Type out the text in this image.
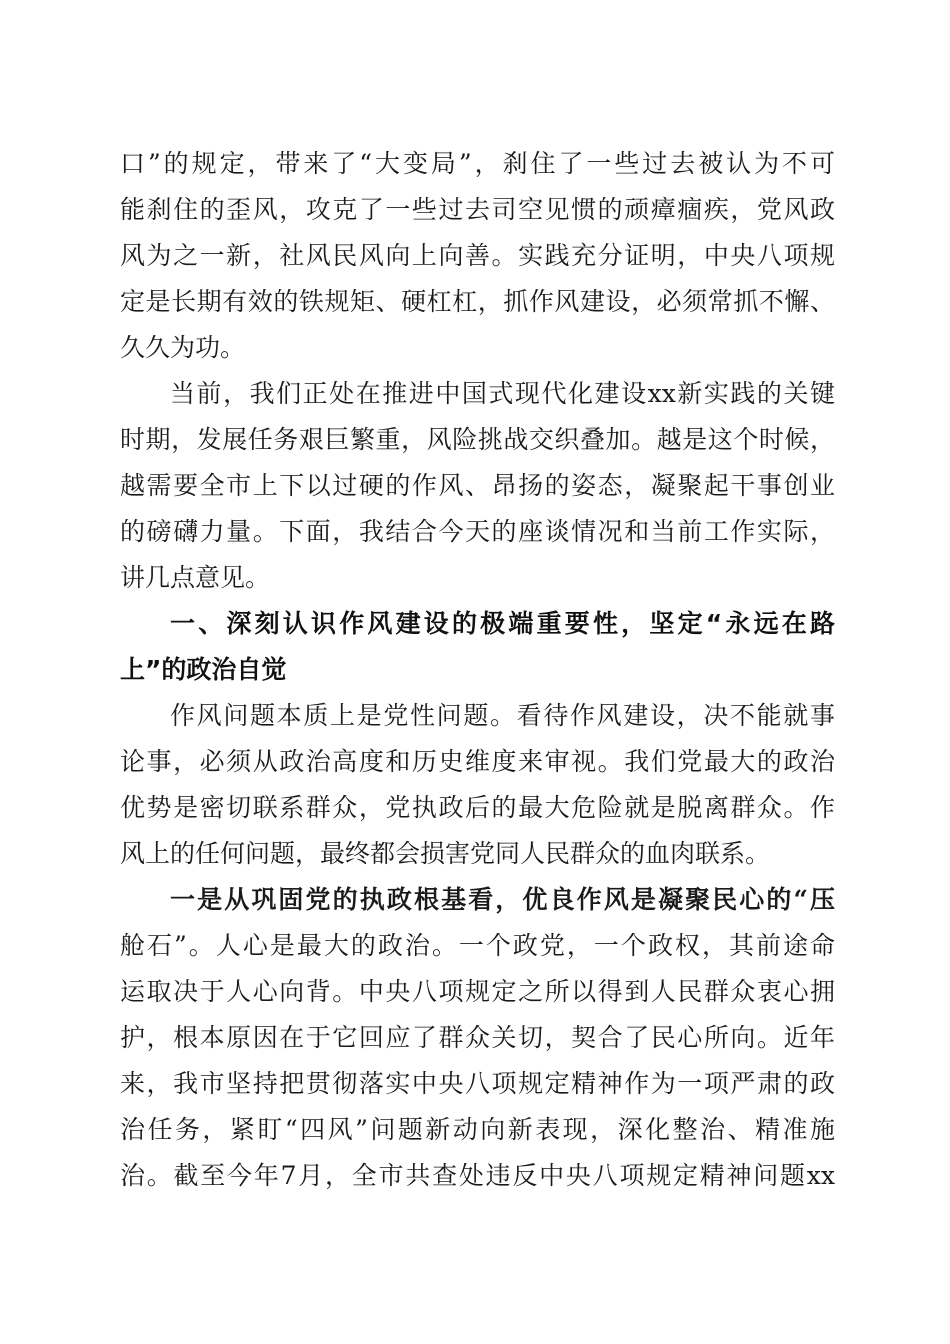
口”的规定，带来了“大变局”，刹住了一些过去被认为不可
能刹住的歪风，攻克了一些过去司空见惯的顽瘴痼疾，党风政
风为之一新，社风民风向上向善。实践充分证明，中央八项规
定是长期有效的铁规矩、硬杠杠，抓作风建设，必须常抓不懈、
久久为功。
当前，我们正处在推进中国式现代化建设xx新实践的关键
时期，发展任务艰巨繁重，风险挑战交织叠加。越是这个时候，
越需要全市上下以过硬的作风、昂扬的姿态，凝聚起干事创业
的磅礴力量。下面，我结合今天的座谈情况和当前工作实际，
讲几点意见。
一、深刻认识作风建设的极端重要性，坚定“永远在路
上”的政治自觉
作风问题本质上是党性问题。看待作风建设，决不能就事
论事，必须从政治高度和历史维度来审视。我们党最大的政治
优势是密切联系群众，党执政后的最大危险就是脱离群众。作
风上的任何问题，最终都会损害党同人民群众的血肉联系。
一是从巩固党的执政根基看，优良作风是凝聚民心的“压
舱石”。人心是最大的政治。一个政党，一个政权，其前途命
运取决于人心向背。中央八项规定之所以得到人民群众衷心拥
护，根本原因在于它回应了群众关切，契合了民心所向。近年
来，我市坚持把贯彻落实中央八项规定精神作为一项严肃的政
治任务，紧盯“四风”问题新动向新表现，深化整治、精准施
治。截至今年7月，全市共查处违反中央八项规定精神问题xx
